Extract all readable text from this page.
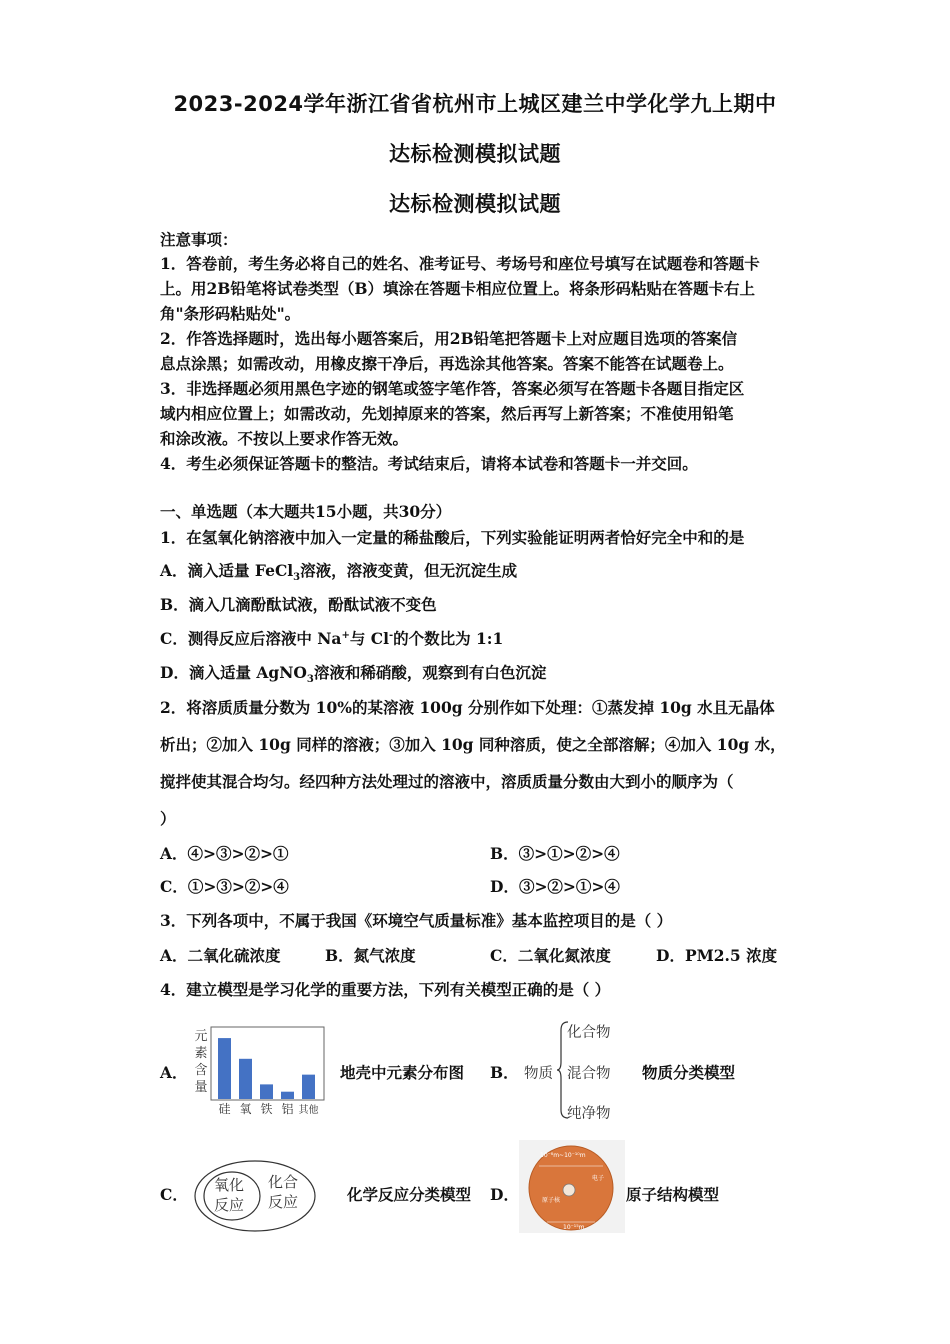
2023-2024学年浙江省省杭州市上城区建兰中学化学九上期中
达标检测模拟试题
达标检测模拟试题
注意事项：
1．答卷前，考生务必将自己的姓名、准考证号、考场号和座位号填写在试题卷和答题卡
上。用2B铅笔将试卷类型（B）填涂在答题卡相应位置上。将条形码粘贴在答题卡右上
角"条形码粘贴处"。
2．作答选择题时，选出每小题答案后，用2B铅笔把答题卡上对应题目选项的答案信
息点涂黑；如需改动，用橡皮擦干净后，再选涂其他答案。答案不能答在试题卷上。
3．非选择题必须用黑色字迹的钢笔或签字笔作答，答案必须写在答题卡各题目指定区
域内相应位置上；如需改动，先划掉原来的答案，然后再写上新答案；不准使用铅笔
和涂改液。不按以上要求作答无效。
4．考生必须保证答题卡的整洁。考试结束后，请将本试卷和答题卡一并交回。
一、单选题（本大题共15小题，共30分）
1．在氢氧化钠溶液中加入一定量的稀盐酸后，下列实验能证明两者恰好完全中和的是
A．滴入适量 FeCl$_3$溶液，溶液变黄，但无沉淀生成
B．滴入几滴酚酞试液，酚酞试液不变色
C．测得反应后溶液中 Na+与 Cl-的个数比为 1:1
D．滴入适量 AgNO$_3$溶液和稀硝酸，观察到有白色沉淀
2．将溶质质量分数为 10%的某溶液 100g 分别作如下处理：①蒸发掉 10g 水且无晶体
析出；②加入 10g 同样的溶液；③加入 10g 同种溶质，使之全部溶解；④加入 10g 水，
搅拌使其混合均匀。经四种方法处理过的溶液中，溶质质量分数由大到小的顺序为（
）
A．④>③>②>①	B．③>①>②>④
C．①>③>②>④	D．③>②>①>④
3．下列各项中，不属于我国《环境空气质量标准》基本监控项目的是（ ）
A．二氧化硫浓度	B．氮气浓度	C．二氧化氮浓度	D．PM2.5 浓度
4．建立模型是学习化学的重要方法，下列有关模型正确的是（ ）
A．
元
素
含
量
硅 氧 铁 铝 其他
地壳中元素分布图 B． 物质
化合物
混合物
纯净物
物质分类模型
C． 氧化
反应
化合
反应	化学反应分类模型 D．
10⁻⁸m~10⁻¹⁰m
电子
原子核
10⁻¹⁵m
原子结构模型
